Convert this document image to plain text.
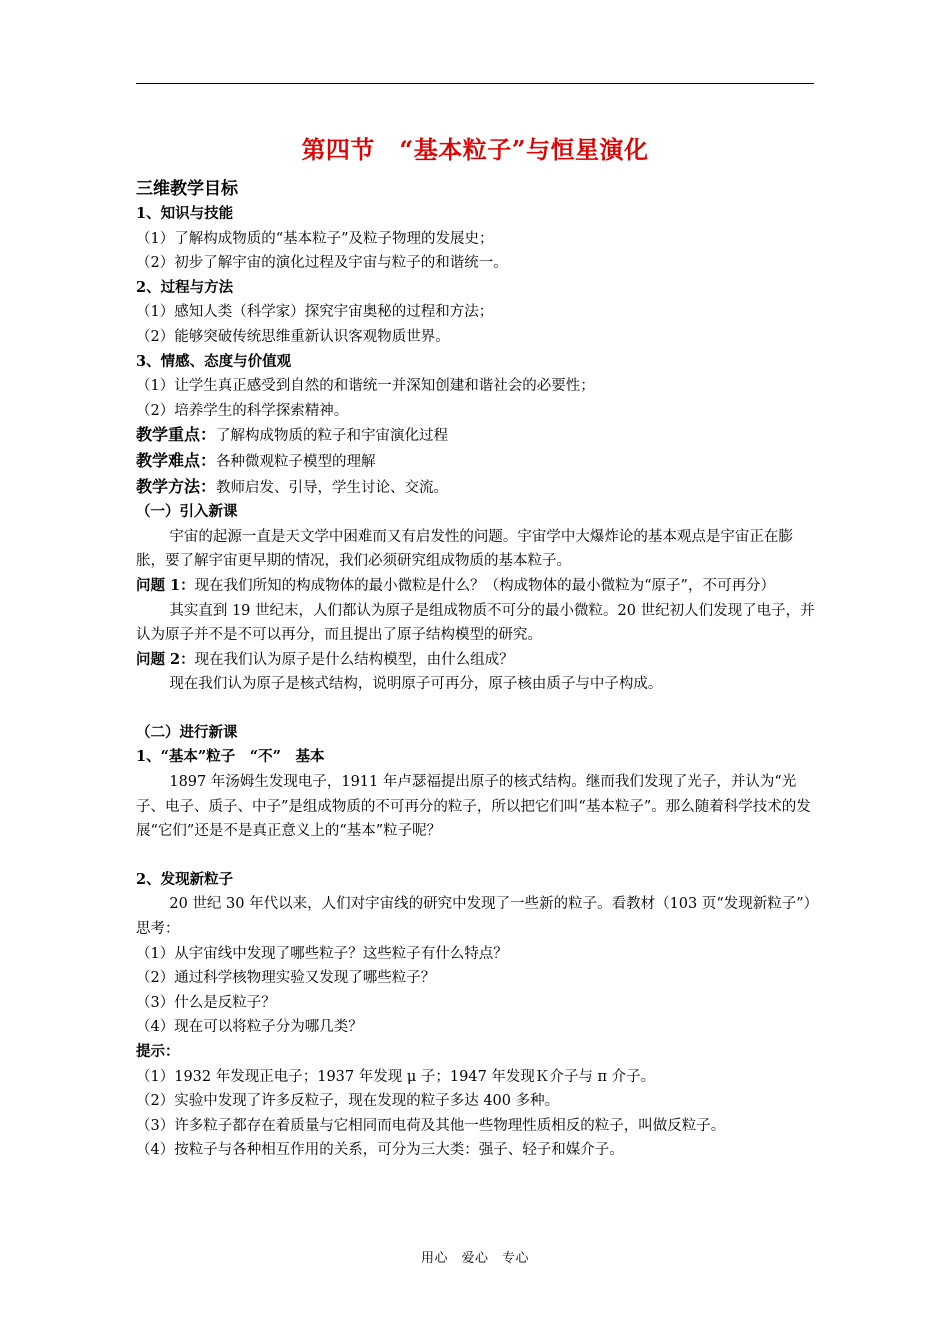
第四节　“基本粒子”与恒星演化

三维教学目标

1、知识与技能

（1）了解构成物质的“基本粒子”及粒子物理的发展史；

（2）初步了解宇宙的演化过程及宇宙与粒子的和谐统一。

2、过程与方法

（1）感知人类（科学家）探究宇宙奥秘的过程和方法；

（2）能够突破传统思维重新认识客观物质世界。

3、情感、态度与价值观

（1）让学生真正感受到自然的和谐统一并深知创建和谐社会的必要性；

（2）培养学生的科学探索精神。

教学重点：了解构成物质的粒子和宇宙演化过程

教学难点：各种微观粒子模型的理解

教学方法：教师启发、引导，学生讨论、交流。

（一）引入新课

宇宙的起源一直是天文学中困难而又有启发性的问题。宇宙学中大爆炸论的基本观点是宇宙正在膨胀，要了解宇宙更早期的情况，我们必须研究组成物质的基本粒子。

问题 1：现在我们所知的构成物体的最小微粒是什么？（构成物体的最小微粒为“原子”，不可再分）

其实直到 19 世纪末，人们都认为原子是组成物质不可分的最小微粒。20 世纪初人们发现了电子，并认为原子并不是不可以再分，而且提出了原子结构模型的研究。

问题 2：现在我们认为原子是什么结构模型，由什么组成？

现在我们认为原子是核式结构，说明原子可再分，原子核由质子与中子构成。

（二）进行新课

1、“基本”粒子　“不”　基本

1897 年汤姆生发现电子，1911 年卢瑟福提出原子的核式结构。继而我们发现了光子，并认为“光子、电子、质子、中子”是组成物质的不可再分的粒子，所以把它们叫“基本粒子”。那么随着科学技术的发展“它们”还是不是真正意义上的“基本”粒子呢？

2、发现新粒子

20 世纪 30 年代以来，人们对宇宙线的研究中发现了一些新的粒子。看教材（103 页“发现新粒子”）

思考：

（1）从宇宙线中发现了哪些粒子？这些粒子有什么特点？

（2）通过科学核物理实验又发现了哪些粒子？

（3）什么是反粒子？

（4）现在可以将粒子分为哪几类？

提示：

（1）1932 年发现正电子；1937 年发现 μ 子；1947 年发现Ｋ介子与 π 介子。

（2）实验中发现了许多反粒子，现在发现的粒子多达 400 多种。

（3）许多粒子都存在着质量与它相同而电荷及其他一些物理性质相反的粒子，叫做反粒子。

（4）按粒子与各种相互作用的关系，可分为三大类：强子、轻子和媒介子。

用心　爱心　专心
